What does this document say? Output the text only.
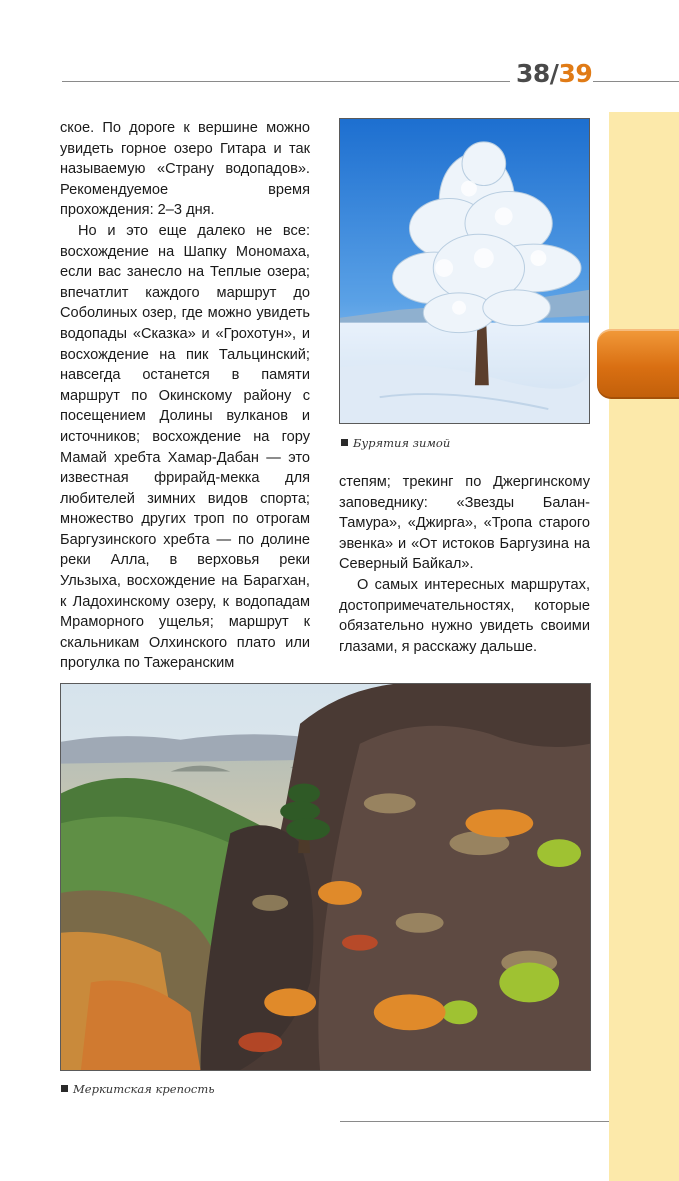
38/39

ское. По дороге к вершине можно увидеть горное озеро Гитара и так называемую «Страну водопадов». Рекомендуемое время прохождения: 2–3 дня.

Но и это еще далеко не все: восхождение на Шапку Мономаха, если вас занесло на Теплые озера; впечатлит каждого маршрут до Соболиных озер, где можно увидеть водопады «Сказка» и «Грохотун», и восхождение на пик Тальцинский; навсегда останется в памяти маршрут по Окинскому району с посещением Долины вулканов и источников; восхождение на гору Мамай хребта Хамар-Дабан — это известная фрирайд-мекка для любителей зимних видов спорта; множество других троп по отрогам Баргузинского хребта — по долине реки Алла, в верховья реки Ульзыха, восхождение на Барагхан, к Ладохинскому озеру, к водопадам Мраморного ущелья; маршрут к скальникам Олхинского плато или прогулка по Тажеранским

Бурятия зимой

степям; трекинг по Джергинскому заповеднику: «Звезды Балан-Тамура», «Джирга», «Тропа старого эвенка» и «От истоков Баргузина на Северный Байкал».

О самых интересных маршрутах, достопримечательностях, которые обязательно нужно увидеть своими глазами, я расскажу дальше.

Меркитская крепость
